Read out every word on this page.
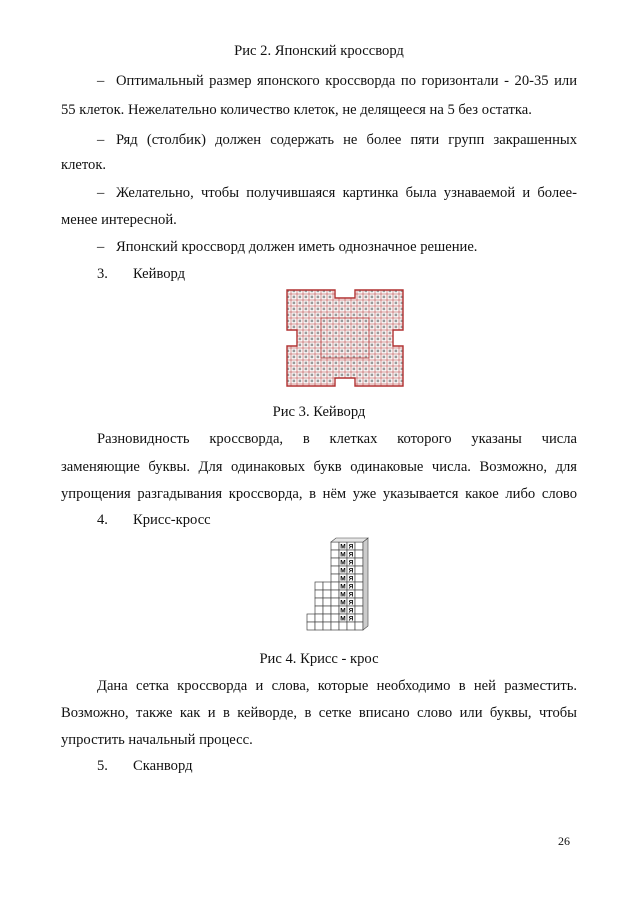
Рис 2. Японский кроссворд
– Оптимальный размер японского кроссворда по горизонтали - 20-35 или
55 клеток. Нежелательно количество клеток, не делящееся на 5 без остатка.
– Ряд (столбик) должен содержать не более пяти групп закрашенных
клеток.
– Желательно, чтобы получившаяся картинка была узнаваемой и более-
менее интересной.
– Японский кроссворд должен иметь однозначное решение.
3. Кейворд
Рис 3. Кейворд
Разновидность кроссворда, в клетках которого указаны числа
заменяющие буквы. Для одинаковых букв одинаковые числа. Возможно, для
упрощения разгадывания кроссворда, в нём уже указывается какое либо слово
4. Крисс-кросс
М
М
М
М
М
М
М
М
М
М
Я
Я
Я
Я
Я
Я
Я
Я
Я
Я
Рис 4. Крисс - крос
Дана сетка кроссворда и слова, которые необходимо в ней разместить.
Возможно, также как и в кейворде, в сетке вписано слово или буквы, чтобы
упростить начальный процесс.
5. Сканворд
26
